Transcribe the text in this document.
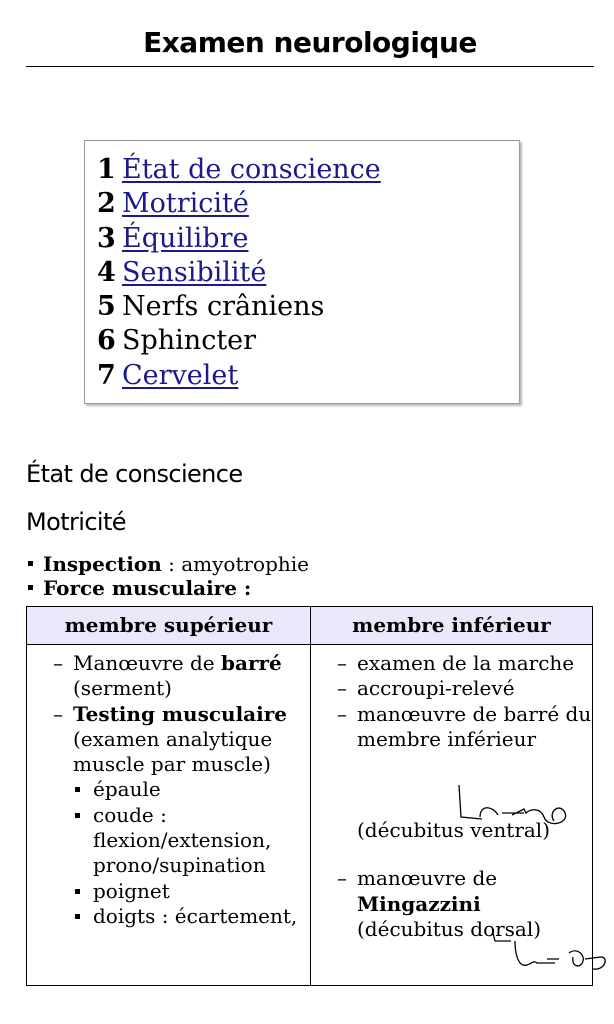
Examen neurologique
1 État de conscience
2 Motricité
3 Équilibre
4 Sensibilité
5 Nerfs crâniens
6 Sphincter
7 Cervelet
État de conscience
Motricité
Inspection : amyotrophie
Force musculaire :
membre supérieur	membre inférieur
– Manœuvre de barré
(serment)
– Testing musculaire
(examen analytique muscle par muscle)
épaule
coude : flexion/extension, prono/supination
poignet
doigts : écartement,
– examen de la marche
– accroupi-relevé
– manœuvre de barré du membre inférieur
(décubitus ventral)
– manœuvre de
Mingazzini
(décubitus dorsal)
